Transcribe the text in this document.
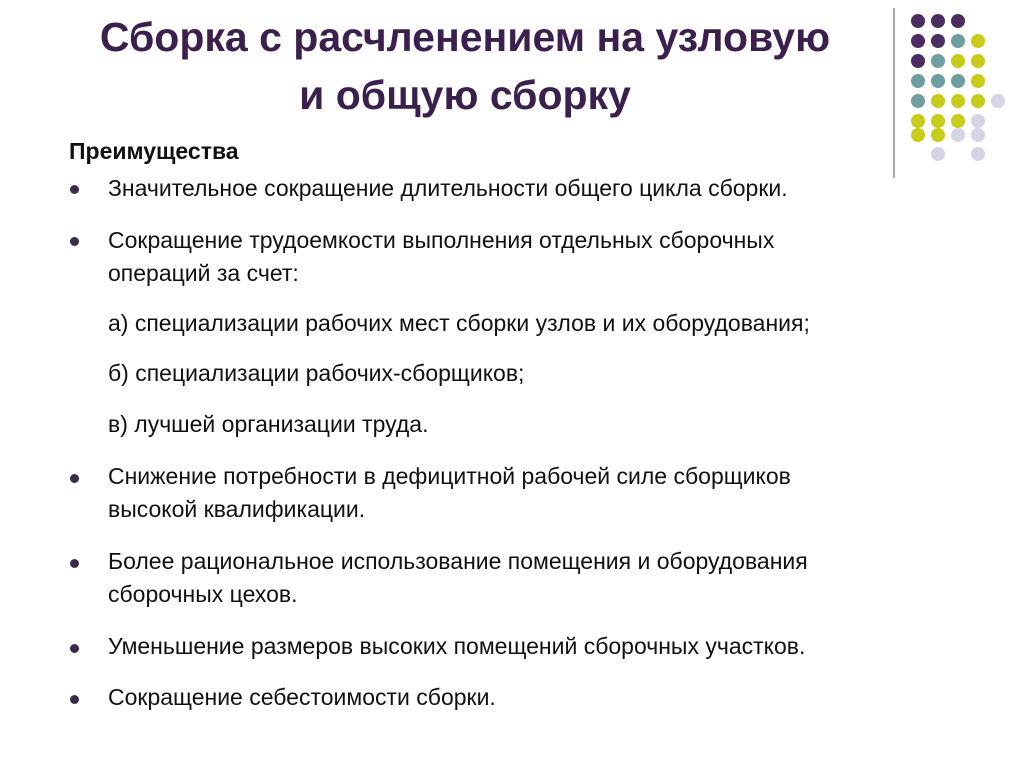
Сборка с расчленением на узловую
и общую сборку
Преимущества
Значительное сокращение длительности общего цикла сборки.
Сокращение трудоемкости выполнения отдельных сборочных
операций за счет:
а) специализации рабочих мест сборки узлов и их оборудования;
б) специализации рабочих-сборщиков;
в) лучшей организации труда.
Снижение потребности в дефицитной рабочей силе сборщиков
высокой квалификации.
Более рациональное использование помещения и оборудования
сборочных цехов.
Уменьшение размеров высоких помещений сборочных участков.
Сокращение себестоимости сборки.
